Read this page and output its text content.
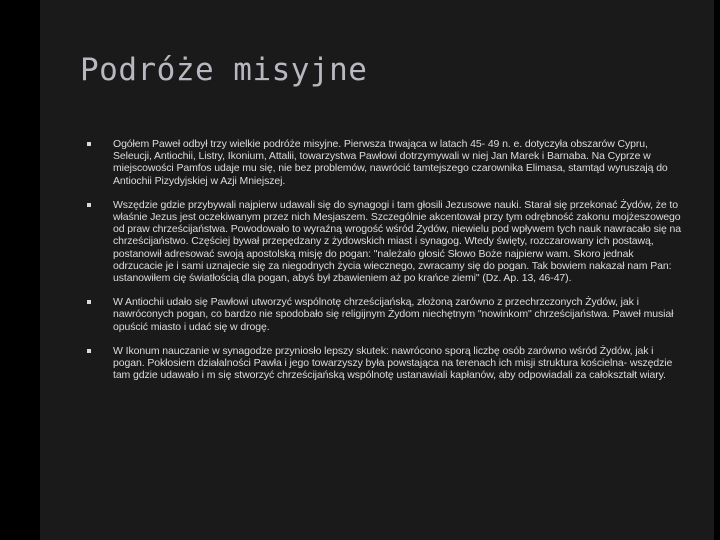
Podróże misyjne
Ogółem Paweł odbył trzy wielkie podróże misyjne. Pierwsza trwająca w latach 45- 49 n. e. dotyczyła obszarów Cypru, Seleucji, Antiochii, Listry, Ikonium, Attalii, towarzystwa Pawłowi dotrzymywali w niej Jan Marek i Barnaba. Na Cyprze w miejscowości Pamfos udaje mu się, nie bez problemów, nawrócić tamtejszego czarownika Elimasa, stamtąd wyruszają do Antiochii Pizydyjskiej w Azji Mniejszej.
Wszędzie gdzie przybywali najpierw udawali się do synagogi i tam głosili Jezusowe nauki. Starał się przekonać Żydów, że to właśnie Jezus jest oczekiwanym przez nich Mesjaszem. Szczególnie akcentował przy tym odrębność zakonu mojżeszowego od praw chrześcijaństwa. Powodowało to wyraźną wrogość wśród Żydów, niewielu pod wpływem tych nauk nawracało się na chrześcijaństwo. Częściej bywał przepędzany z żydowskich miast i synagog. Wtedy święty, rozczarowany ich postawą, postanowił adresować swoją apostolską misję do pogan: "należało głosić Słowo Boże najpierw wam. Skoro jednak odrzucacie je i sami uznajecie się za niegodnych życia wiecznego, zwracamy się do pogan. Tak bowiem nakazał nam Pan: ustanowiłem cię światłością dla pogan, abyś był zbawieniem aż po krańce ziemi" (Dz. Ap. 13, 46-47).
W Antiochii udało się Pawłowi utworzyć wspólnotę chrześcijańską, złożoną zarówno z przechrzczonych Żydów, jak i nawróconych pogan, co bardzo nie spodobało się religijnym Żydom niechętnym "nowinkom" chrześcijaństwa. Paweł musiał opuścić miasto i udać się w drogę.
W Ikonum nauczanie w synagodze przyniosło lepszy skutek: nawrócono sporą liczbę osób zarówno wśród Żydów, jak i pogan. Pokłosiem działalności Pawła i jego towarzyszy była powstająca na terenach ich misji struktura kościelna- wszędzie tam gdzie udawało i m się stworzyć chrześcijańską wspólnotę ustanawiali kapłanów, aby odpowiadali za całokształt wiary.
